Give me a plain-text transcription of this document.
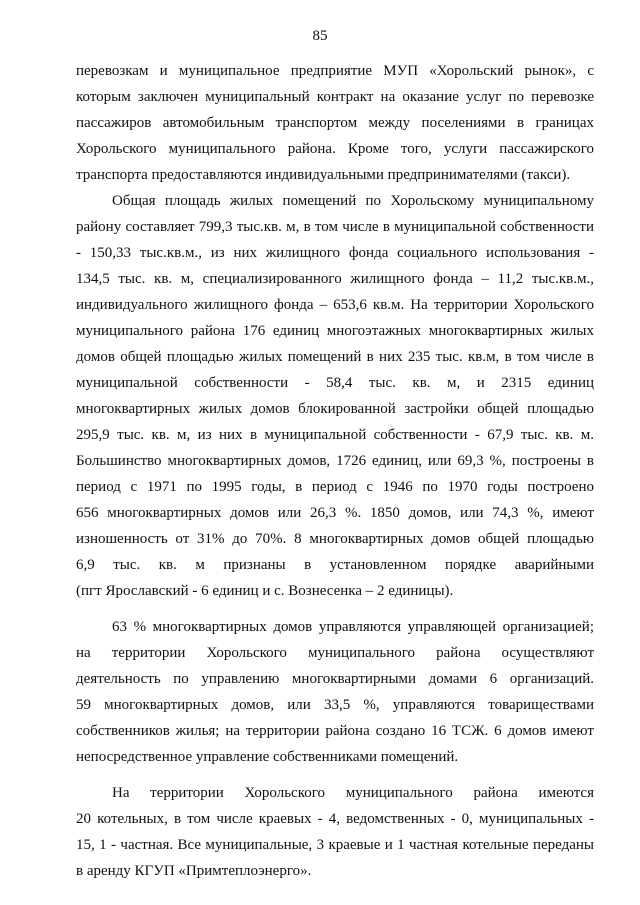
85
перевозкам и муниципальное предприятие МУП «Хорольский рынок», с
которым заключен муниципальный контракт на оказание услуг по перевозке
пассажиров автомобильным транспортом между поселениями в границах
Хорольского муниципального района. Кроме того, услуги пассажирского
транспорта предоставляются индивидуальными предпринимателями (такси).
Общая площадь жилых помещений по Хорольскому муниципальному
району составляет 799,3 тыс.кв. м, в том числе в муниципальной собственности
- 150,33 тыс.кв.м., из них жилищного фонда социального использования -
134,5 тыс. кв. м, специализированного жилищного фонда – 11,2 тыс.кв.м.,
индивидуального жилищного фонда – 653,6 кв.м. На территории Хорольского
муниципального района 176 единиц многоэтажных многоквартирных жилых
домов общей площадью жилых помещений в них 235 тыс. кв.м, в том числе в
муниципальной собственности - 58,4 тыс. кв. м, и 2315 единиц
многоквартирных жилых домов блокированной застройки общей площадью
295,9 тыс. кв. м, из них в муниципальной собственности - 67,9 тыс. кв. м.
Большинство многоквартирных домов, 1726 единиц, или 69,3 %, построены в
период с 1971 по 1995 годы, в период с 1946 по 1970 годы построено
656 многоквартирных домов или 26,3 %. 1850 домов, или 74,3 %, имеют
изношенность от 31% до 70%. 8 многоквартирных домов общей площадью
6,9 тыс. кв. м признаны в установленном порядке аварийными
(пгт Ярославский - 6 единиц и с. Вознесенка – 2 единицы).
63 % многоквартирных домов управляются управляющей организацией;
на территории Хорольского муниципального района осуществляют
деятельность по управлению многоквартирными домами 6 организаций.
59 многоквартирных домов, или 33,5 %, управляются товариществами
собственников жилья; на территории района создано 16 ТСЖ. 6 домов имеют
непосредственное управление собственниками помещений.
На территории Хорольского муниципального района имеются
20 котельных, в том числе краевых - 4, ведомственных - 0, муниципальных -
15, 1 - частная. Все муниципальные, 3 краевые и 1 частная котельные переданы
в аренду КГУП «Примтеплоэнерго».
